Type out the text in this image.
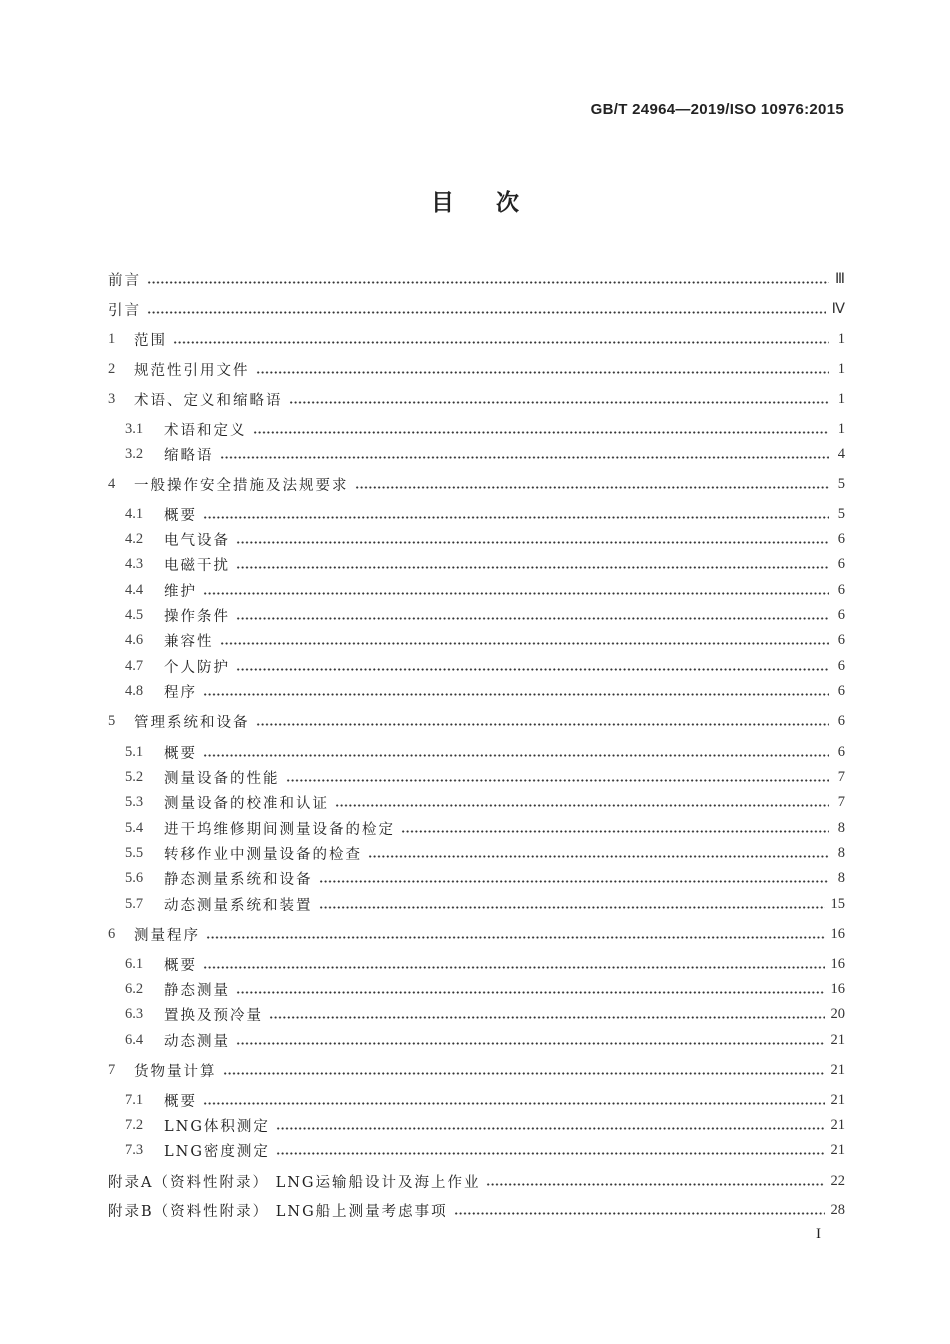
GB/T 24964—2019/ISO 10976:2015
目次
前言	Ⅲ
引言	Ⅳ
1	范围	1
2	规范性引用文件	1
3	术语、定义和缩略语	1
3.1	术语和定义	1
3.2	缩略语	4
4	一般操作安全措施及法规要求	5
4.1	概要	5
4.2	电气设备	6
4.3	电磁干扰	6
4.4	维护	6
4.5	操作条件	6
4.6	兼容性	6
4.7	个人防护	6
4.8	程序	6
5	管理系统和设备	6
5.1	概要	6
5.2	测量设备的性能	7
5.3	测量设备的校准和认证	7
5.4	进干坞维修期间测量设备的检定	8
5.5	转移作业中测量设备的检查	8
5.6	静态测量系统和设备	8
5.7	动态测量系统和装置	15
6	测量程序	16
6.1	概要	16
6.2	静态测量	16
6.3	置换及预冷量	20
6.4	动态测量	21
7	货物量计算	21
7.1	概要	21
7.2	LNG体积测定	21
7.3	LNG密度测定	21
附录A（资料性附录） LNG运输船设计及海上作业	22
附录B（资料性附录） LNG船上测量考虑事项	28
I
